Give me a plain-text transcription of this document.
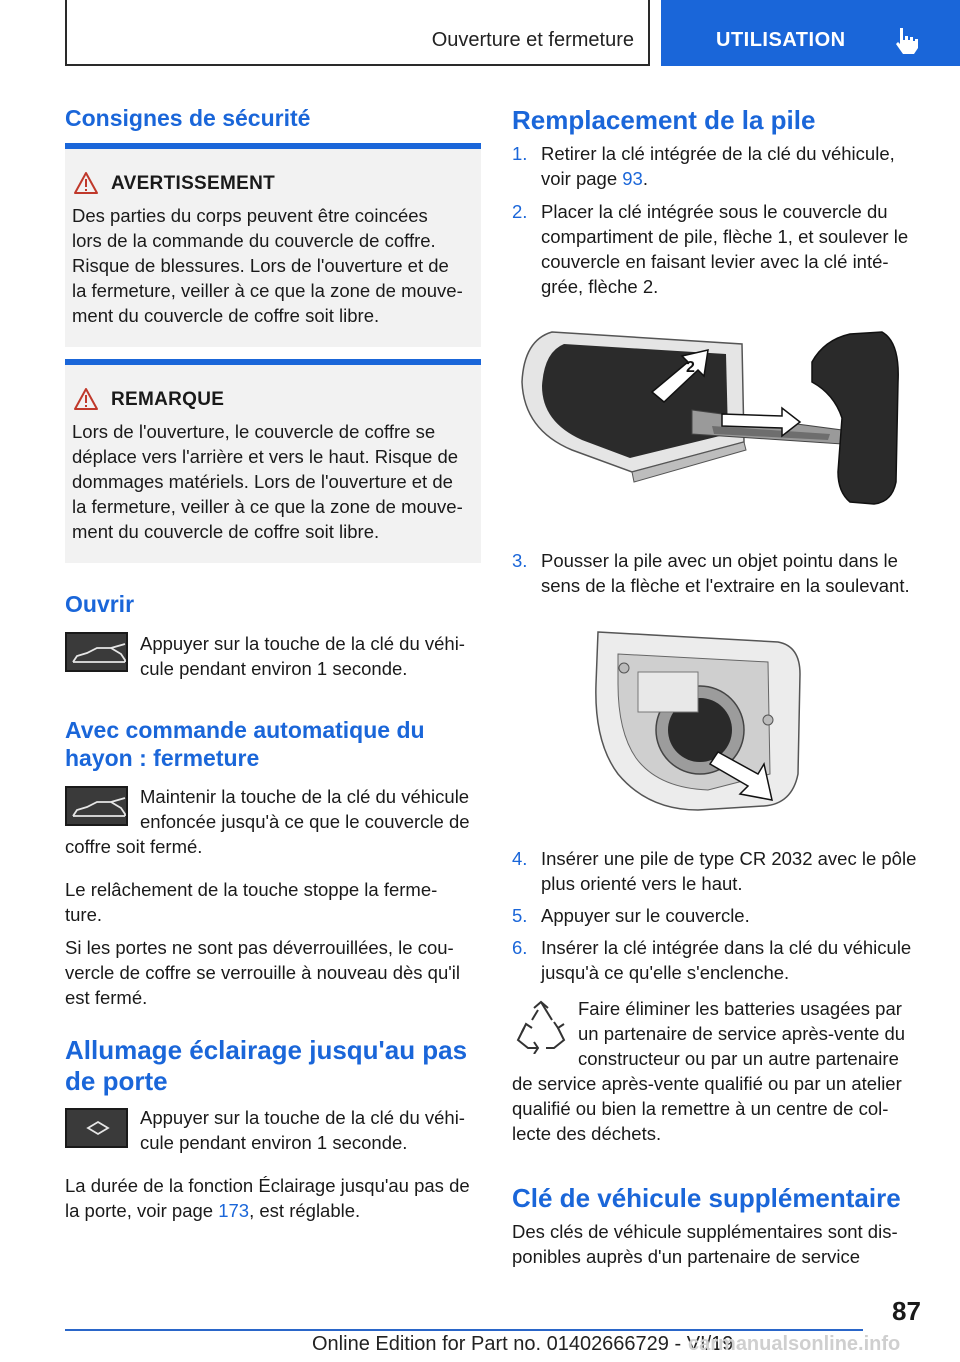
Ouverture et fermeture	UTILISATION
Consignes de sécurité
AVERTISSEMENT
Des parties du corps peuvent être coincées
lors de la commande du couvercle de coffre.
Risque de blessures. Lors de l'ouverture et de
la fermeture, veiller à ce que la zone de mouve-
ment du couvercle de coffre soit libre.
REMARQUE
Lors de l'ouverture, le couvercle de coffre se
déplace vers l'arrière et vers le haut. Risque de
dommages matériels. Lors de l'ouverture et de
la fermeture, veiller à ce que la zone de mouve-
ment du couvercle de coffre soit libre.
Ouvrir
Appuyer sur la touche de la clé du véhi-
cule pendant environ 1 seconde.
Avec commande automatique du
hayon : fermeture
Maintenir la touche de la clé du véhicule
enfoncée jusqu'à ce que le couvercle de
coffre soit fermé.
Le relâchement de la touche stoppe la ferme-
ture.
Si les portes ne sont pas déverrouillées, le cou-
vercle de coffre se verrouille à nouveau dès qu'il
est fermé.
Allumage éclairage jusqu'au pas
de porte
Appuyer sur la touche de la clé du véhi-
cule pendant environ 1 seconde.
La durée de la fonction Éclairage jusqu'au pas de
la porte, voir page 173, est réglable.
Remplacement de la pile
1. Retirer la clé intégrée de la clé du véhicule,
voir page 93.
2. Placer la clé intégrée sous le couvercle du
compartiment de pile, flèche 1, et soulever le
couvercle en faisant levier avec la clé inté-
grée, flèche 2.
2
3. Pousser la pile avec un objet pointu dans le
sens de la flèche et l'extraire en la soulevant.
4. Insérer une pile de type CR 2032 avec le pôle
plus orienté vers le haut.
5. Appuyer sur le couvercle.
6. Insérer la clé intégrée dans la clé du véhicule
jusqu'à ce qu'elle s'enclenche.
Faire éliminer les batteries usagées par
un partenaire de service après-vente du
constructeur ou par un autre partenaire
de service après-vente qualifié ou par un atelier
qualifié ou bien la remettre à un centre de col-
lecte des déchets.
Clé de véhicule supplémentaire
Des clés de véhicule supplémentaires sont dis-
ponibles auprès d'un partenaire de service
87
Online Edition for Part no. 01402666729 - VI/19
carmanualsonline.info
